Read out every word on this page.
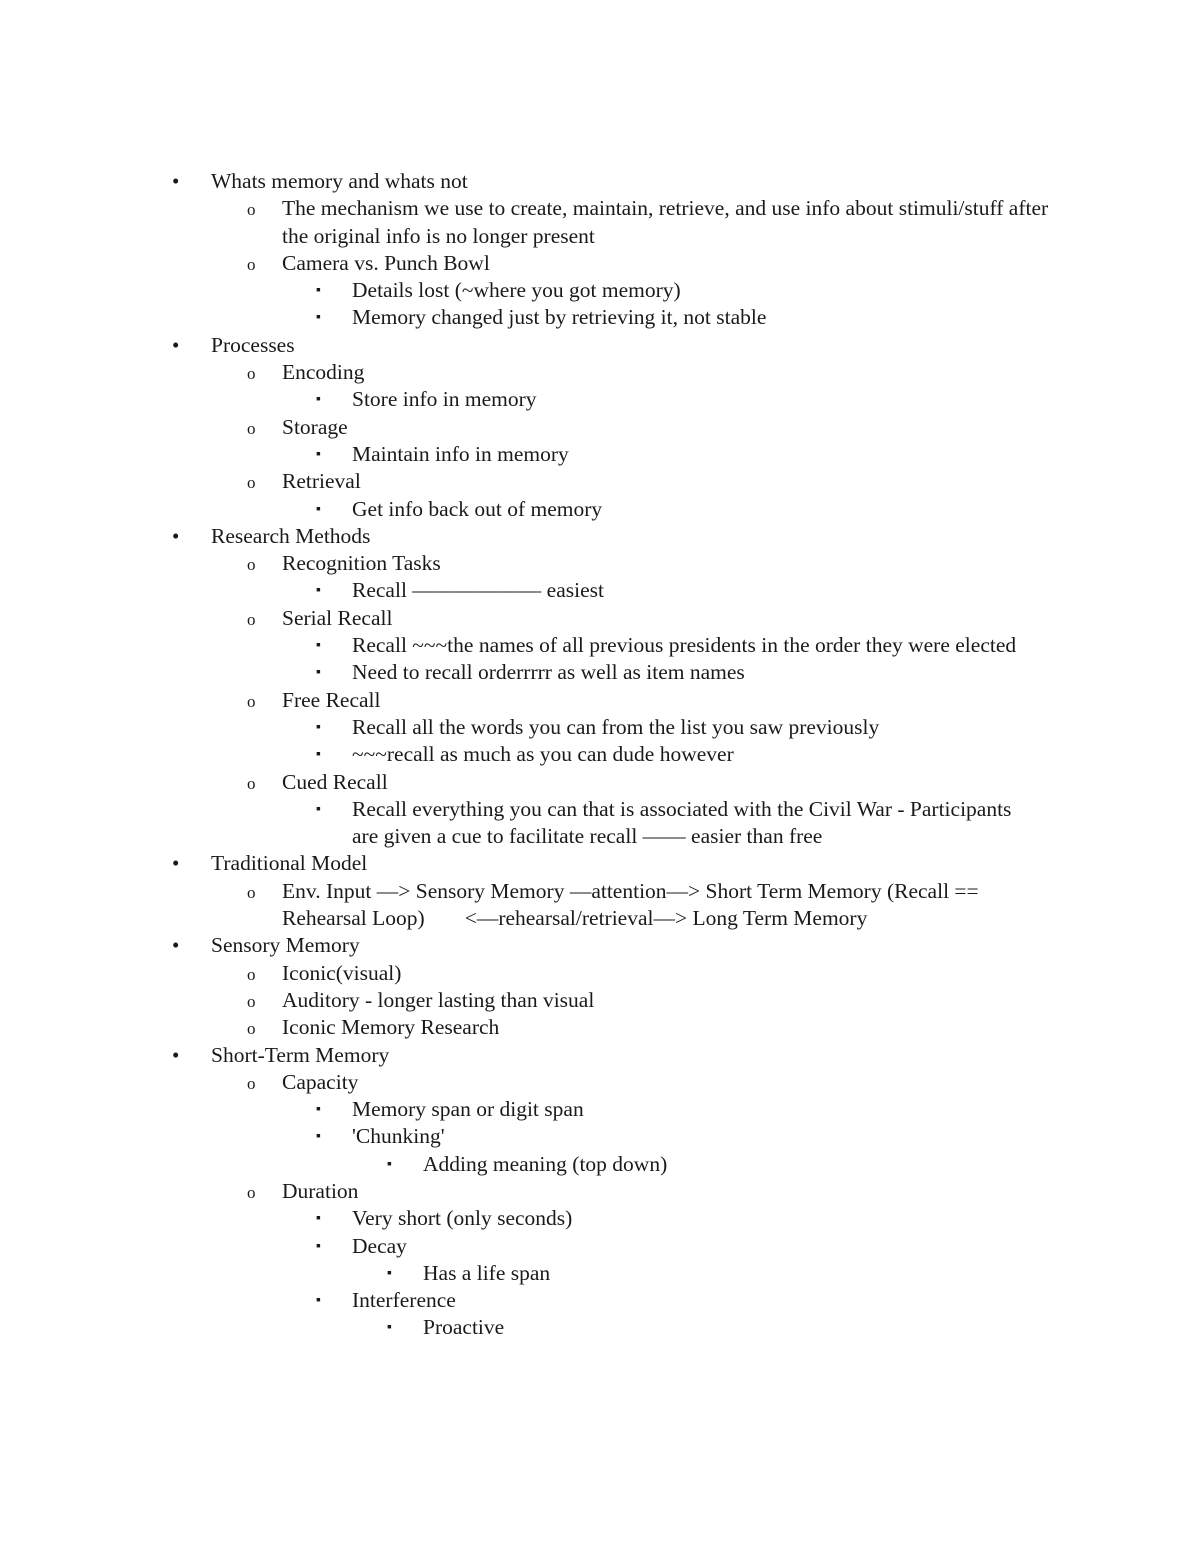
• Whats memory and whats not
o The mechanism we use to create, maintain, retrieve, and use info about stimuli/stuff after the original info is no longer present
o Camera vs. Punch Bowl
▪ Details lost (~where you got memory)
▪ Memory changed just by retrieving it, not stable
• Processes
o Encoding
▪ Store info in memory
o Storage
▪ Maintain info in memory
o Retrieval
▪ Get info back out of memory
• Research Methods
o Recognition Tasks
▪ Recall —————— easiest
o Serial Recall
▪ Recall ~~~the names of all previous presidents in the order they were elected
▪ Need to recall orderrrrr as well as item names
o Free Recall
▪ Recall all the words you can from the list you saw previously
▪ ~~~recall as much as you can dude however
o Cued Recall
▪ Recall everything you can that is associated with the Civil War - Participants are given a cue to facilitate recall —— easier than free
• Traditional Model
o Env. Input —> Sensory Memory —attention—> Short Term Memory (Recall == Rehearsal Loop) <—rehearsal/retrieval—> Long Term Memory
• Sensory Memory
o Iconic(visual)
o Auditory - longer lasting than visual
o Iconic Memory Research
• Short-Term Memory
o Capacity
▪ Memory span or digit span
▪ 'Chunking'
▪ Adding meaning (top down)
o Duration
▪ Very short (only seconds)
▪ Decay
▪ Has a life span
▪ Interference
▪ Proactive
